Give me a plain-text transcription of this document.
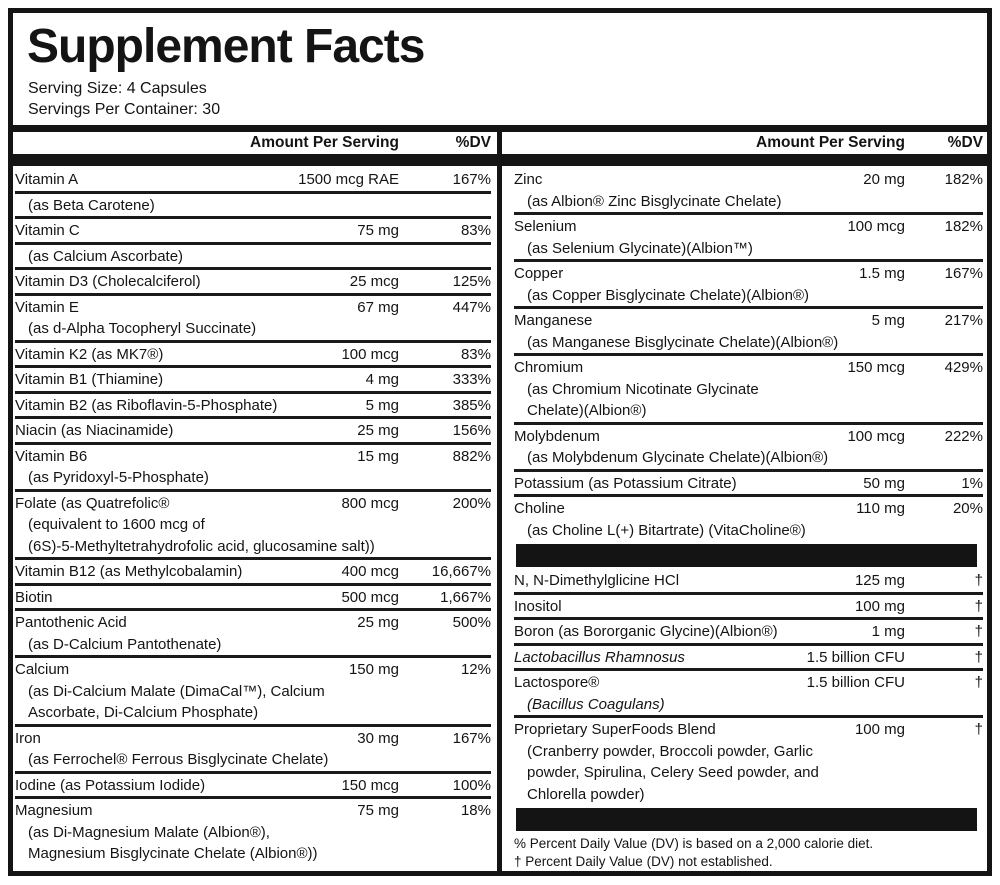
Supplement Facts
Serving Size: 4 Capsules
Servings Per Container: 30
Amount Per Serving	%DV	Amount Per Serving	%DV
Vitamin A	1500 mcg RAE	167%
(as Beta Carotene)
Vitamin C	75 mg	83%
(as Calcium Ascorbate)
Vitamin D3 (Cholecalciferol)	25 mcg	125%
Vitamin E	67 mg	447%
(as d-Alpha Tocopheryl Succinate)
Vitamin K2 (as MK7®)	100 mcg	83%
Vitamin B1 (Thiamine)	4 mg	333%
Vitamin B2 (as Riboflavin-5-Phosphate)	5 mg	385%
Niacin (as Niacinamide)	25 mg	156%
Vitamin B6	15 mg	882%
(as Pyridoxyl-5-Phosphate)
Folate (as Quatrefolic®	800 mcg	200%
(equivalent to 1600 mcg of
(6S)-5-Methyltetrahydrofolic acid, glucosamine salt))
Vitamin B12 (as Methylcobalamin)	400 mcg	16,667%
Biotin	500 mcg	1,667%
Pantothenic Acid	25 mg	500%
(as D-Calcium Pantothenate)
Calcium	150 mg	12%
(as Di-Calcium Malate (DimaCal™), Calcium
Ascorbate, Di-Calcium Phosphate)
Iron	30 mg	167%
(as Ferrochel® Ferrous Bisglycinate Chelate)
Iodine (as Potassium Iodide)	150 mcg	100%
Magnesium	75 mg	18%
(as Di-Magnesium Malate (Albion®),
Magnesium Bisglycinate Chelate (Albion®))
Zinc	20 mg	182%
(as Albion® Zinc Bisglycinate Chelate)
Selenium	100 mcg	182%
(as Selenium Glycinate)(Albion™)
Copper	1.5 mg	167%
(as Copper Bisglycinate Chelate)(Albion®)
Manganese	5 mg	217%
(as Manganese Bisglycinate Chelate)(Albion®)
Chromium	150 mcg	429%
(as Chromium Nicotinate Glycinate
Chelate)(Albion®)
Molybdenum	100 mcg	222%
(as Molybdenum Glycinate Chelate)(Albion®)
Potassium (as Potassium Citrate)	50 mg	1%
Choline	110 mg	20%
(as Choline L(+) Bitartrate) (VitaCholine®)
N, N-Dimethylglicine HCl	125 mg	†
Inositol	100 mg	†
Boron (as Bororganic Glycine)(Albion®)	1 mg	†
Lactobacillus Rhamnosus	1.5 billion CFU	†
Lactospore®	1.5 billion CFU	†
(Bacillus Coagulans)
Proprietary SuperFoods Blend	100 mg	†
(Cranberry powder, Broccoli powder, Garlic
powder, Spirulina, Celery Seed powder, and
Chlorella powder)
% Percent Daily Value (DV) is based on a 2,000 calorie diet.
† Percent Daily Value (DV) not established.
